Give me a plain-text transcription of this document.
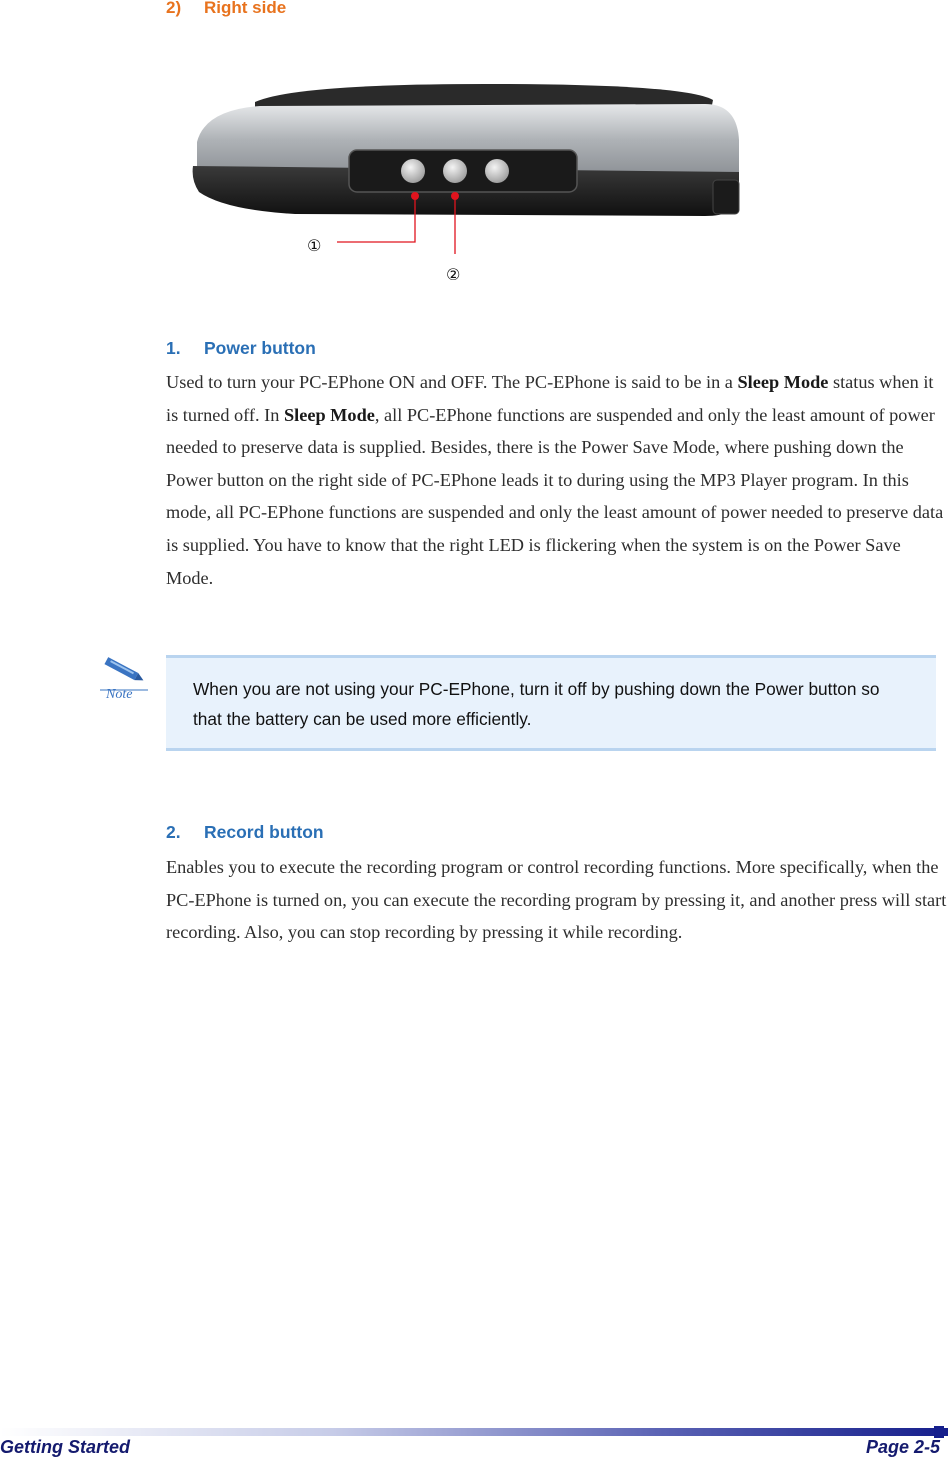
2) Right side
①
②
1. Power button

Used to turn your PC-EPhone ON and OFF. The PC-EPhone is said to be in a Sleep Mode status when it is turned off. In Sleep Mode, all PC-EPhone functions are suspended and only the least amount of power needed to preserve data is supplied. Besides, there is the Power Save Mode, where pushing down the Power button on the right side of PC-EPhone leads it to during using the MP3 Player program. In this mode, all PC-EPhone functions are suspended and only the least amount of power needed to preserve data is supplied. You have to know that the right LED is flickering when the system is on the Power Save Mode.

Note	When you are not using your PC-EPhone, turn it off by pushing down the Power button so that the battery can be used more efficiently.
2. Record button

Enables you to execute the recording program or control recording functions. More specifically, when the PC-EPhone is turned on, you can execute the recording program by pressing it, and another press will start recording. Also, you can stop recording by pressing it while recording.

Getting Started	Page 2-5
